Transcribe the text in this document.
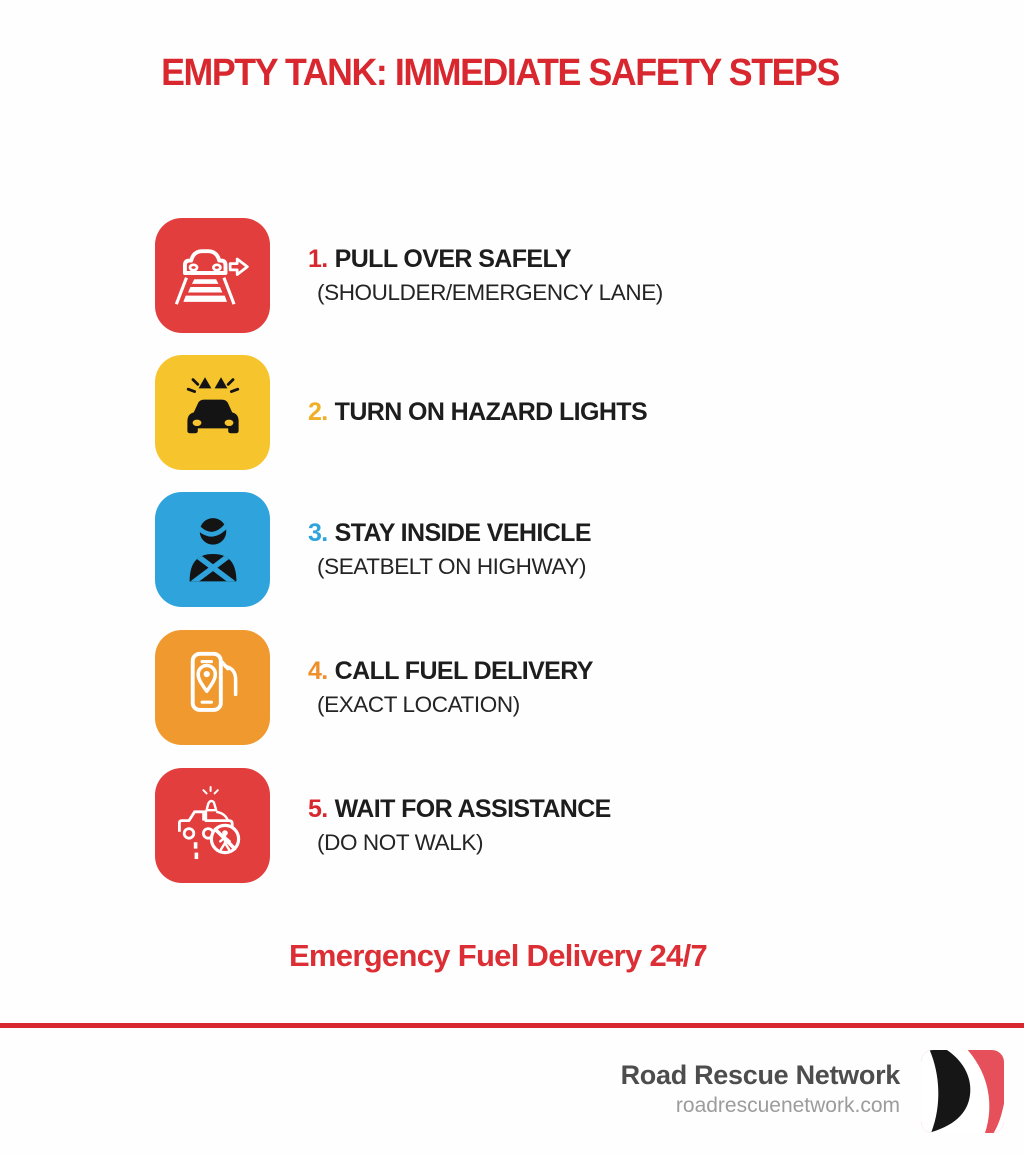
EMPTY TANK: IMMEDIATE SAFETY STEPS
1. PULL OVER SAFELY
(SHOULDER/EMERGENCY LANE)
2. TURN ON HAZARD LIGHTS
3. STAY INSIDE VEHICLE
(SEATBELT ON HIGHWAY)
4. CALL FUEL DELIVERY
(EXACT LOCATION)
5. WAIT FOR ASSISTANCE
(DO NOT WALK)
Emergency Fuel Delivery 24/7
Road Rescue Network
roadrescuenetwork.com
